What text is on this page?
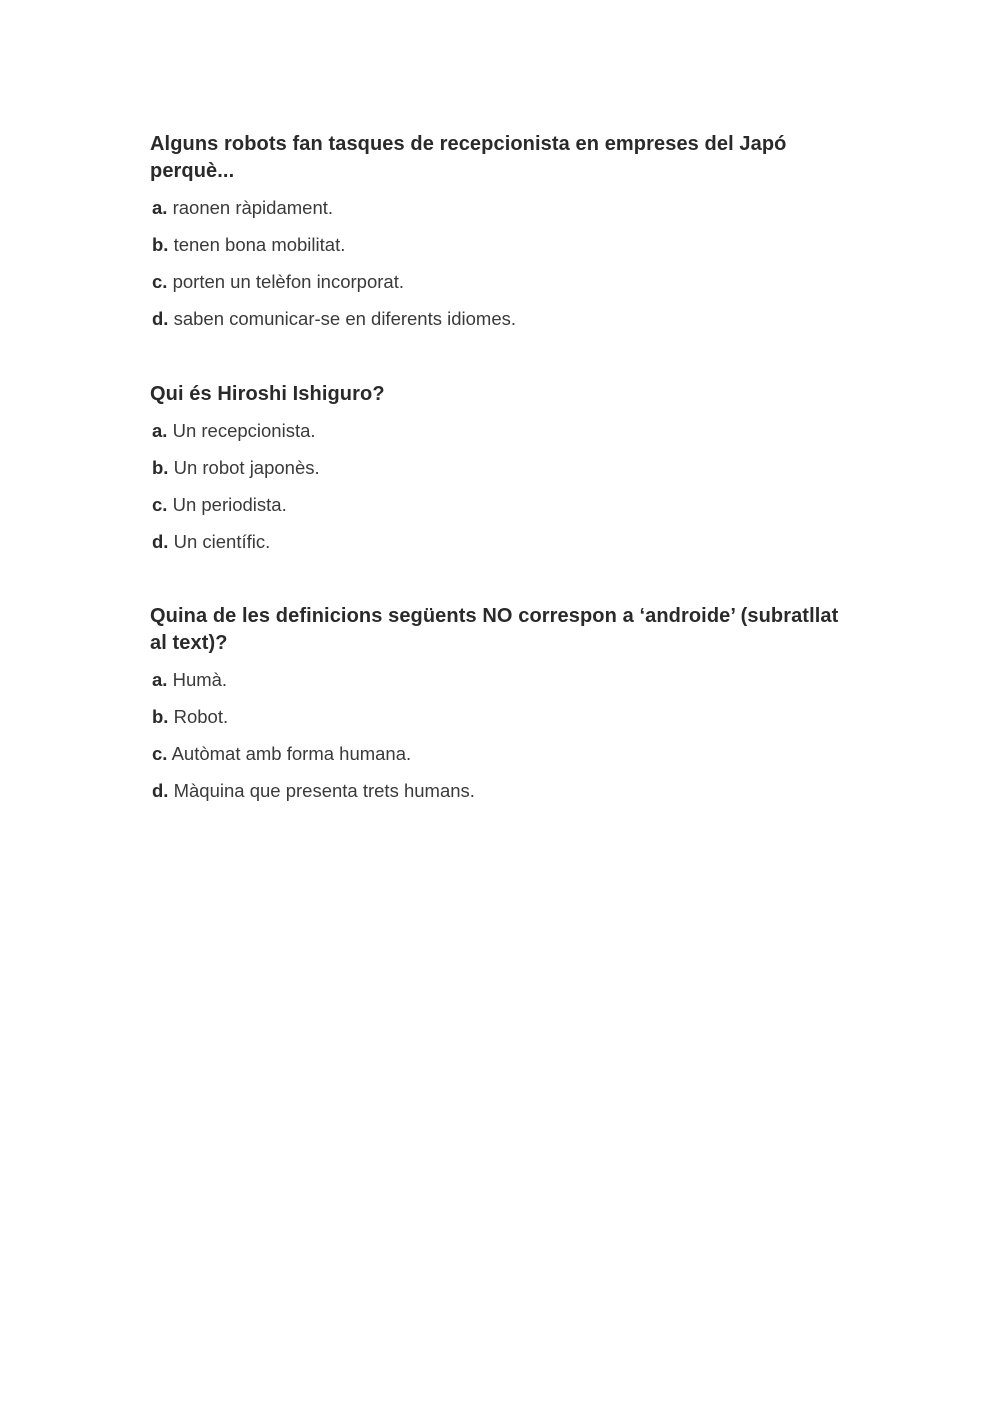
Alguns robots fan tasques de recepcionista en empreses del Japó perquè...
a. raonen ràpidament.
b. tenen bona mobilitat.
c. porten un telèfon incorporat.
d. saben comunicar-se en diferents idiomes.
Qui és Hiroshi Ishiguro?
a. Un recepcionista.
b. Un robot japonès.
c. Un periodista.
d. Un científic.
Quina de les definicions següents NO correspon a ‘androide’ (subratllat al text)?
a. Humà.
b. Robot.
c. Autòmat amb forma humana.
d. Màquina que presenta trets humans.
